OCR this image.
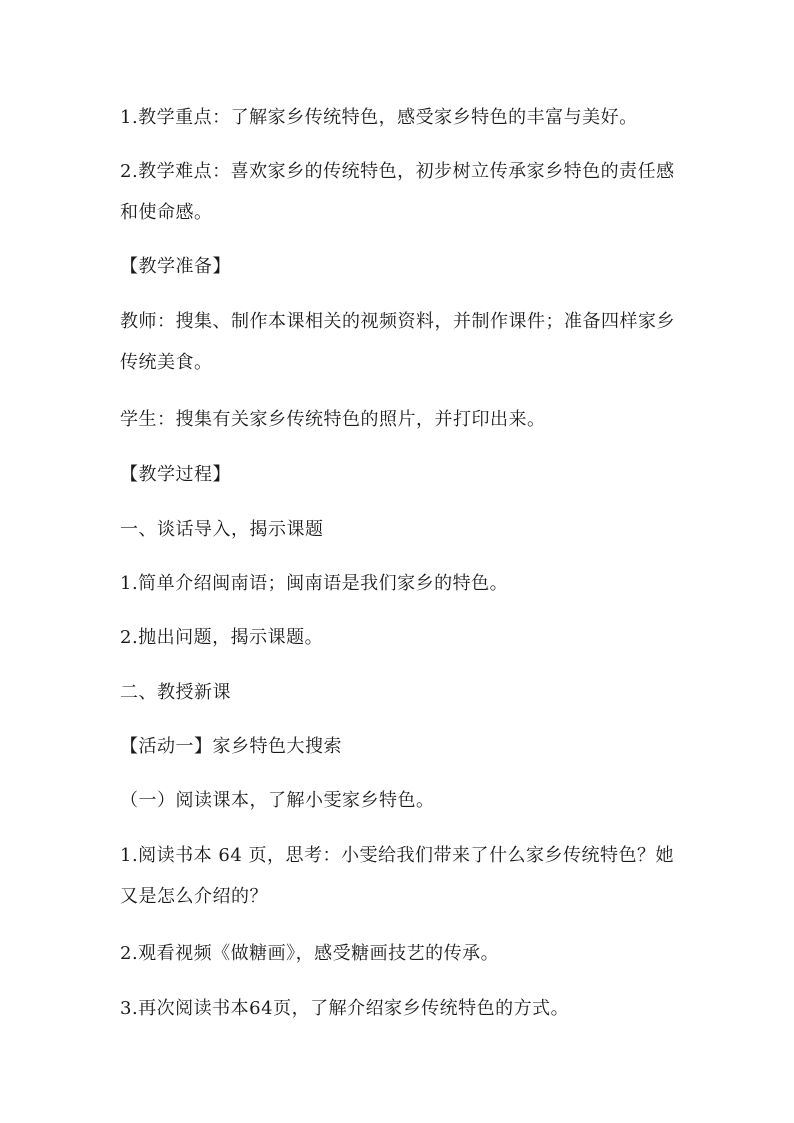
1.教学重点：了解家乡传统特色，感受家乡特色的丰富与美好。
2.教学难点：喜欢家乡的传统特色，初步树立传承家乡特色的责任感
和使命感。
【教学准备】
教师：搜集、制作本课相关的视频资料，并制作课件；准备四样家乡
传统美食。
学生：搜集有关家乡传统特色的照片，并打印出来。
【教学过程】
一、谈话导入，揭示课题
1.简单介绍闽南语；闽南语是我们家乡的特色。
2.抛出问题，揭示课题。
二、教授新课
【活动一】家乡特色大搜索
（一）阅读课本，了解小雯家乡特色。
1.阅读书本 64 页，思考：小雯给我们带来了什么家乡传统特色？她
又是怎么介绍的？
2.观看视频《做糖画》，感受糖画技艺的传承。
3.再次阅读书本64页，了解介绍家乡传统特色的方式。
